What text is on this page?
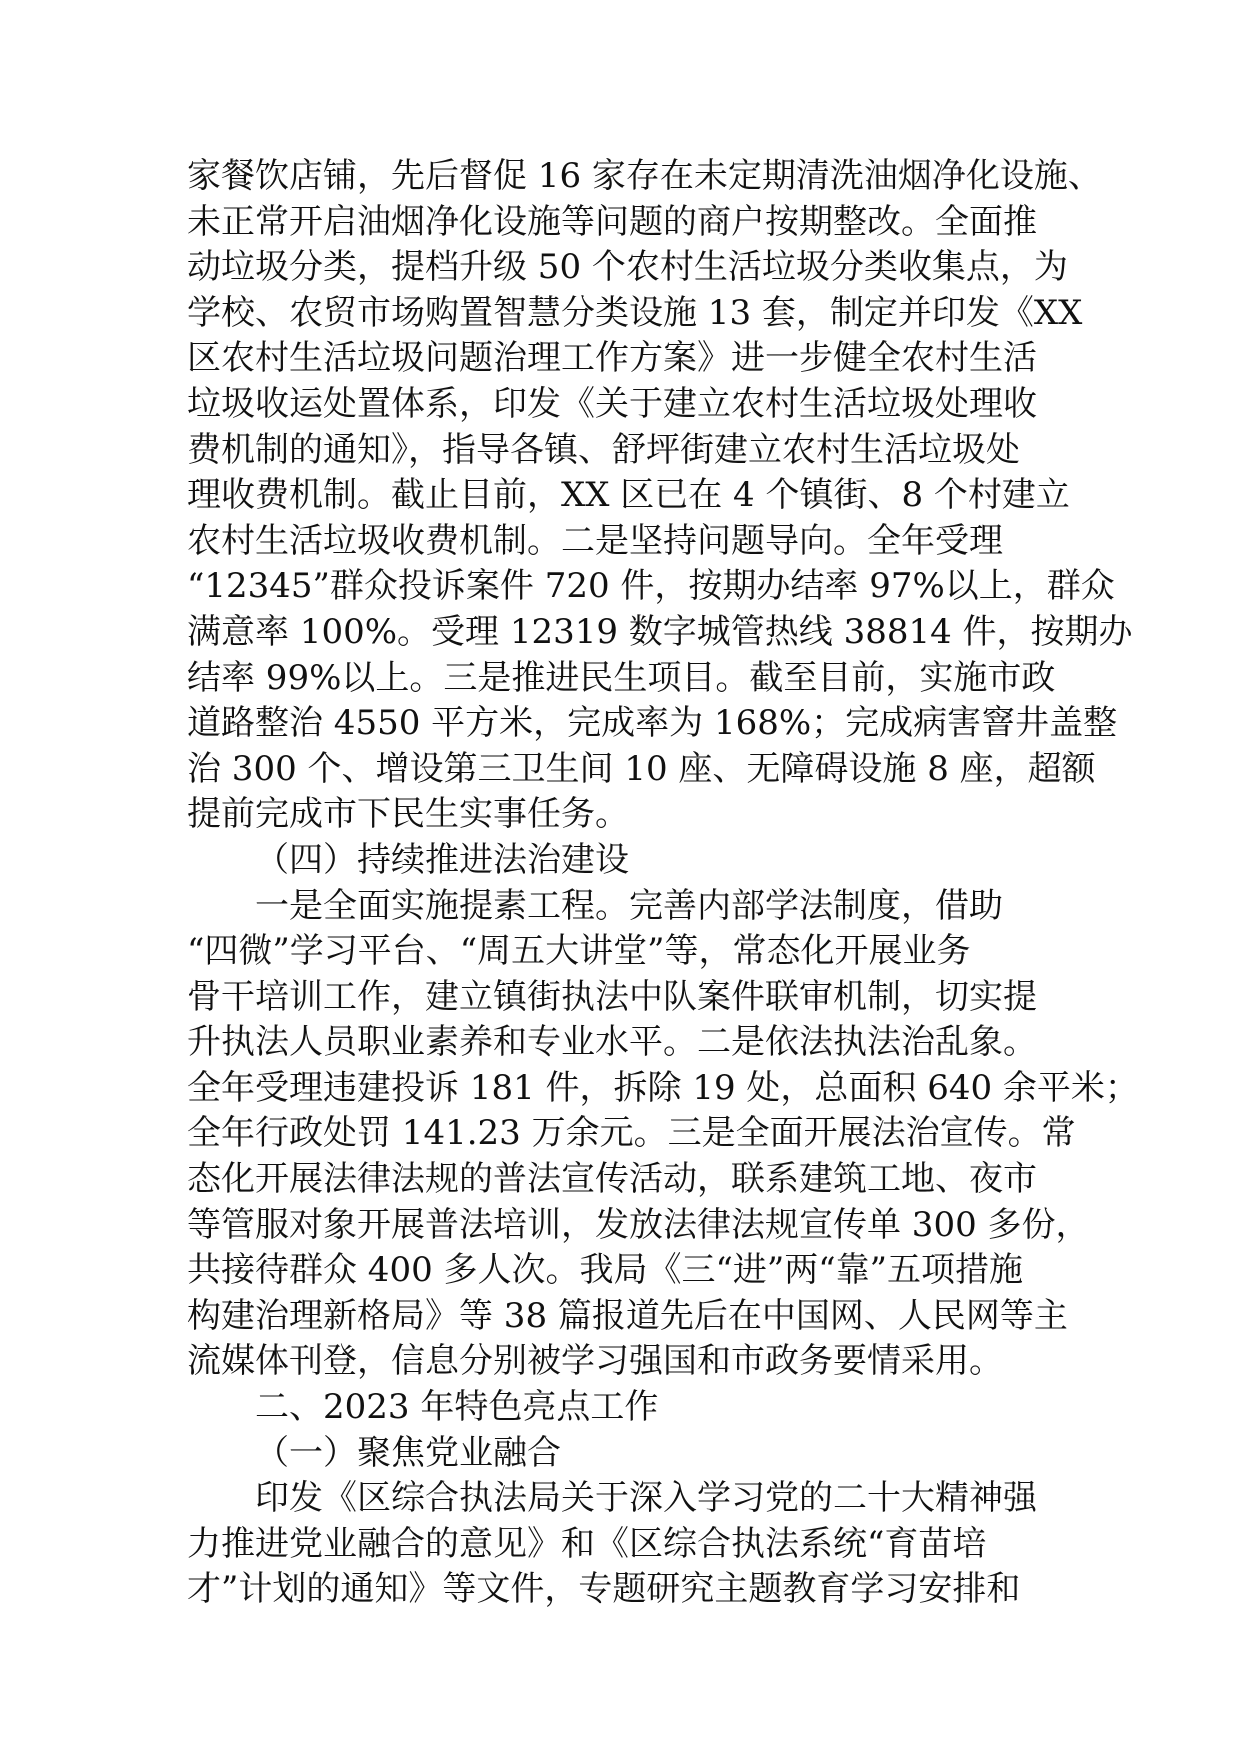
家餐饮店铺，先后督促 16 家存在未定期清洗油烟净化设施、
未正常开启油烟净化设施等问题的商户按期整改。全面推
动垃圾分类，提档升级 50 个农村生活垃圾分类收集点，为
学校、农贸市场购置智慧分类设施 13 套，制定并印发《XX
区农村生活垃圾问题治理工作方案》进一步健全农村生活
垃圾收运处置体系，印发《关于建立农村生活垃圾处理收
费机制的通知》，指导各镇、舒坪街建立农村生活垃圾处
理收费机制。截止目前，XX 区已在 4 个镇街、8 个村建立
农村生活垃圾收费机制。二是坚持问题导向。全年受理
“12345”群众投诉案件 720 件，按期办结率 97%以上，群众
满意率 100%。受理 12319 数字城管热线 38814 件，按期办
结率 99%以上。三是推进民生项目。截至目前，实施市政
道路整治 4550 平方米，完成率为 168%；完成病害窨井盖整
治 300 个、增设第三卫生间 10 座、无障碍设施 8 座，超额
提前完成市下民生实事任务。
（四）持续推进法治建设
一是全面实施提素工程。完善内部学法制度，借助
“四微”学习平台、“周五大讲堂”等，常态化开展业务
骨干培训工作，建立镇街执法中队案件联审机制，切实提
升执法人员职业素养和专业水平。二是依法执法治乱象。
全年受理违建投诉 181 件，拆除 19 处，总面积 640 余平米；
全年行政处罚 141.23 万余元。三是全面开展法治宣传。常
态化开展法律法规的普法宣传活动，联系建筑工地、夜市
等管服对象开展普法培训，发放法律法规宣传单 300 多份，
共接待群众 400 多人次。我局《三“进”两“靠”五项措施
构建治理新格局》等 38 篇报道先后在中国网、人民网等主
流媒体刊登，信息分别被学习强国和市政务要情采用。
二、2023 年特色亮点工作
（一）聚焦党业融合
印发《区综合执法局关于深入学习党的二十大精神强
力推进党业融合的意见》和《区综合执法系统“育苗培
才”计划的通知》等文件，专题研究主题教育学习安排和
